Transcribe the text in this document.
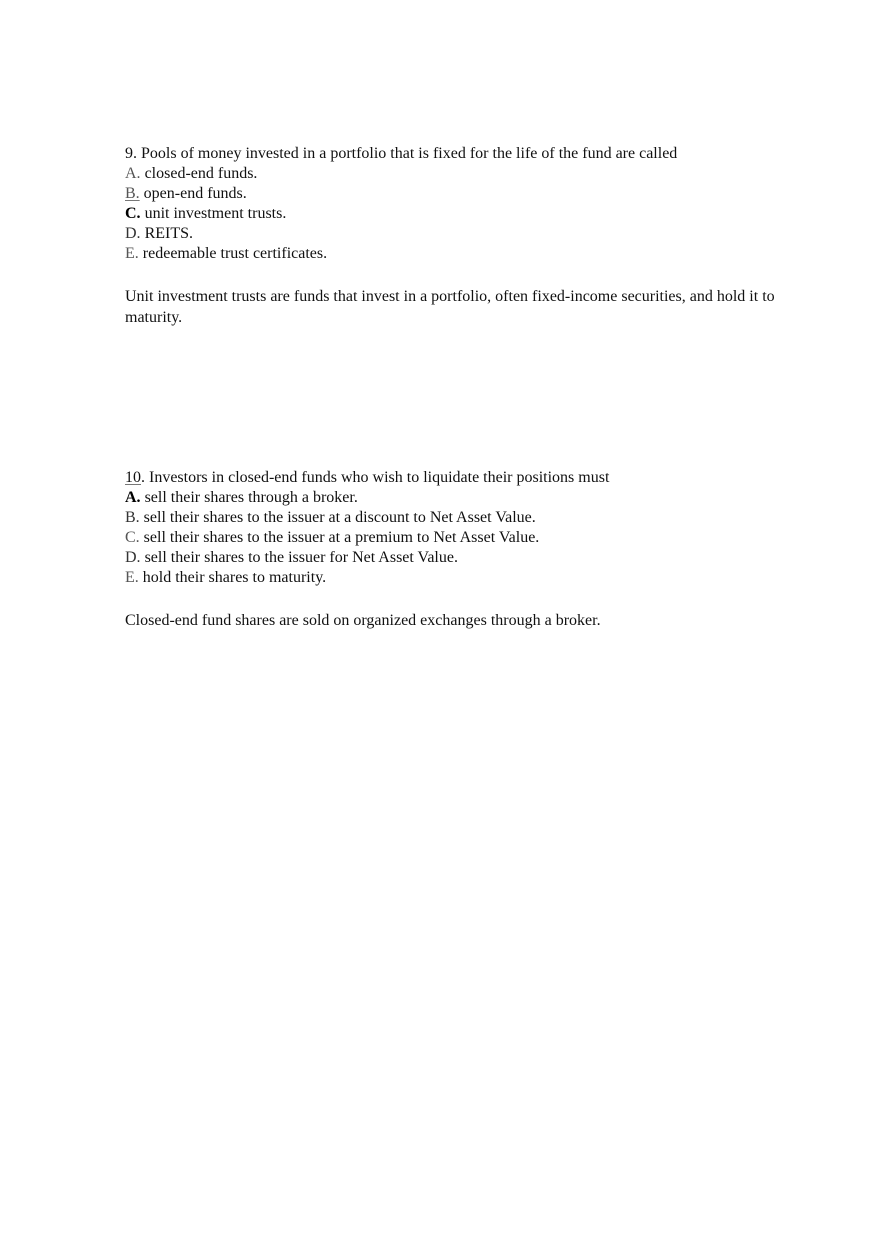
9. Pools of money invested in a portfolio that is fixed for the life of the fund are called
A. closed-end funds.
B. open-end funds.
C. unit investment trusts.
D. REITS.
E. redeemable trust certificates.
Unit investment trusts are funds that invest in a portfolio, often fixed-income securities, and hold it to maturity.
10. Investors in closed-end funds who wish to liquidate their positions must
A. sell their shares through a broker.
B. sell their shares to the issuer at a discount to Net Asset Value.
C. sell their shares to the issuer at a premium to Net Asset Value.
D. sell their shares to the issuer for Net Asset Value.
E. hold their shares to maturity.
Closed-end fund shares are sold on organized exchanges through a broker.
